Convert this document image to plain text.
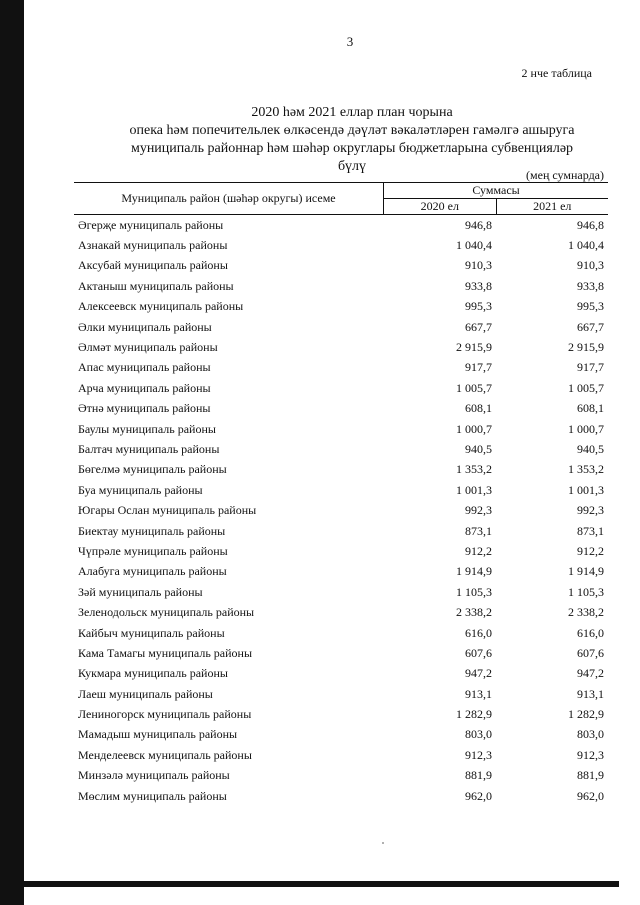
3
2 нче таблица
2020 һәм 2021 еллар план чорына
опека һәм попечительлек өлкәсендә дәүләт вәкаләтләрен гамәлгә ашыруга
муниципаль районнар һәм шәһәр округлары бюджетларына субвенцияләр
бүлү
(мең сумнарда)
Муниципаль район (шәһәр округы) исеме	Суммасы	
	2020 ел	2021 ел
Әгерҗе муниципаль районы	946,8	946,8
Азнакай муниципаль районы	1 040,4	1 040,4
Аксубай муниципаль районы	910,3	910,3
Актаныш муниципаль районы	933,8	933,8
Алексеевск муниципаль районы	995,3	995,3
Әлки муниципаль районы	667,7	667,7
Әлмәт муниципаль районы	2 915,9	2 915,9
Апас муниципаль районы	917,7	917,7
Арча муниципаль районы	1 005,7	1 005,7
Әтнә муниципаль районы	608,1	608,1
Баулы муниципаль районы	1 000,7	1 000,7
Балтач муниципаль районы	940,5	940,5
Бөгелмә муниципаль районы	1 353,2	1 353,2
Буа муниципаль районы	1 001,3	1 001,3
Югары Ослан муниципаль районы	992,3	992,3
Биектау муниципаль районы	873,1	873,1
Чүпрәле муниципаль районы	912,2	912,2
Алабуга муниципаль районы	1 914,9	1 914,9
Зәй муниципаль районы	1 105,3	1 105,3
Зеленодольск муниципаль районы	2 338,2	2 338,2
Кайбыч муниципаль районы	616,0	616,0
Кама Тамагы муниципаль районы	607,6	607,6
Кукмара муниципаль районы	947,2	947,2
Лаеш муниципаль районы	913,1	913,1
Лениногорск муниципаль районы	1 282,9	1 282,9
Мамадыш муниципаль районы	803,0	803,0
Менделеевск муниципаль районы	912,3	912,3
Минзәлә муниципаль районы	881,9	881,9
Мөслим муниципаль районы	962,0	962,0
